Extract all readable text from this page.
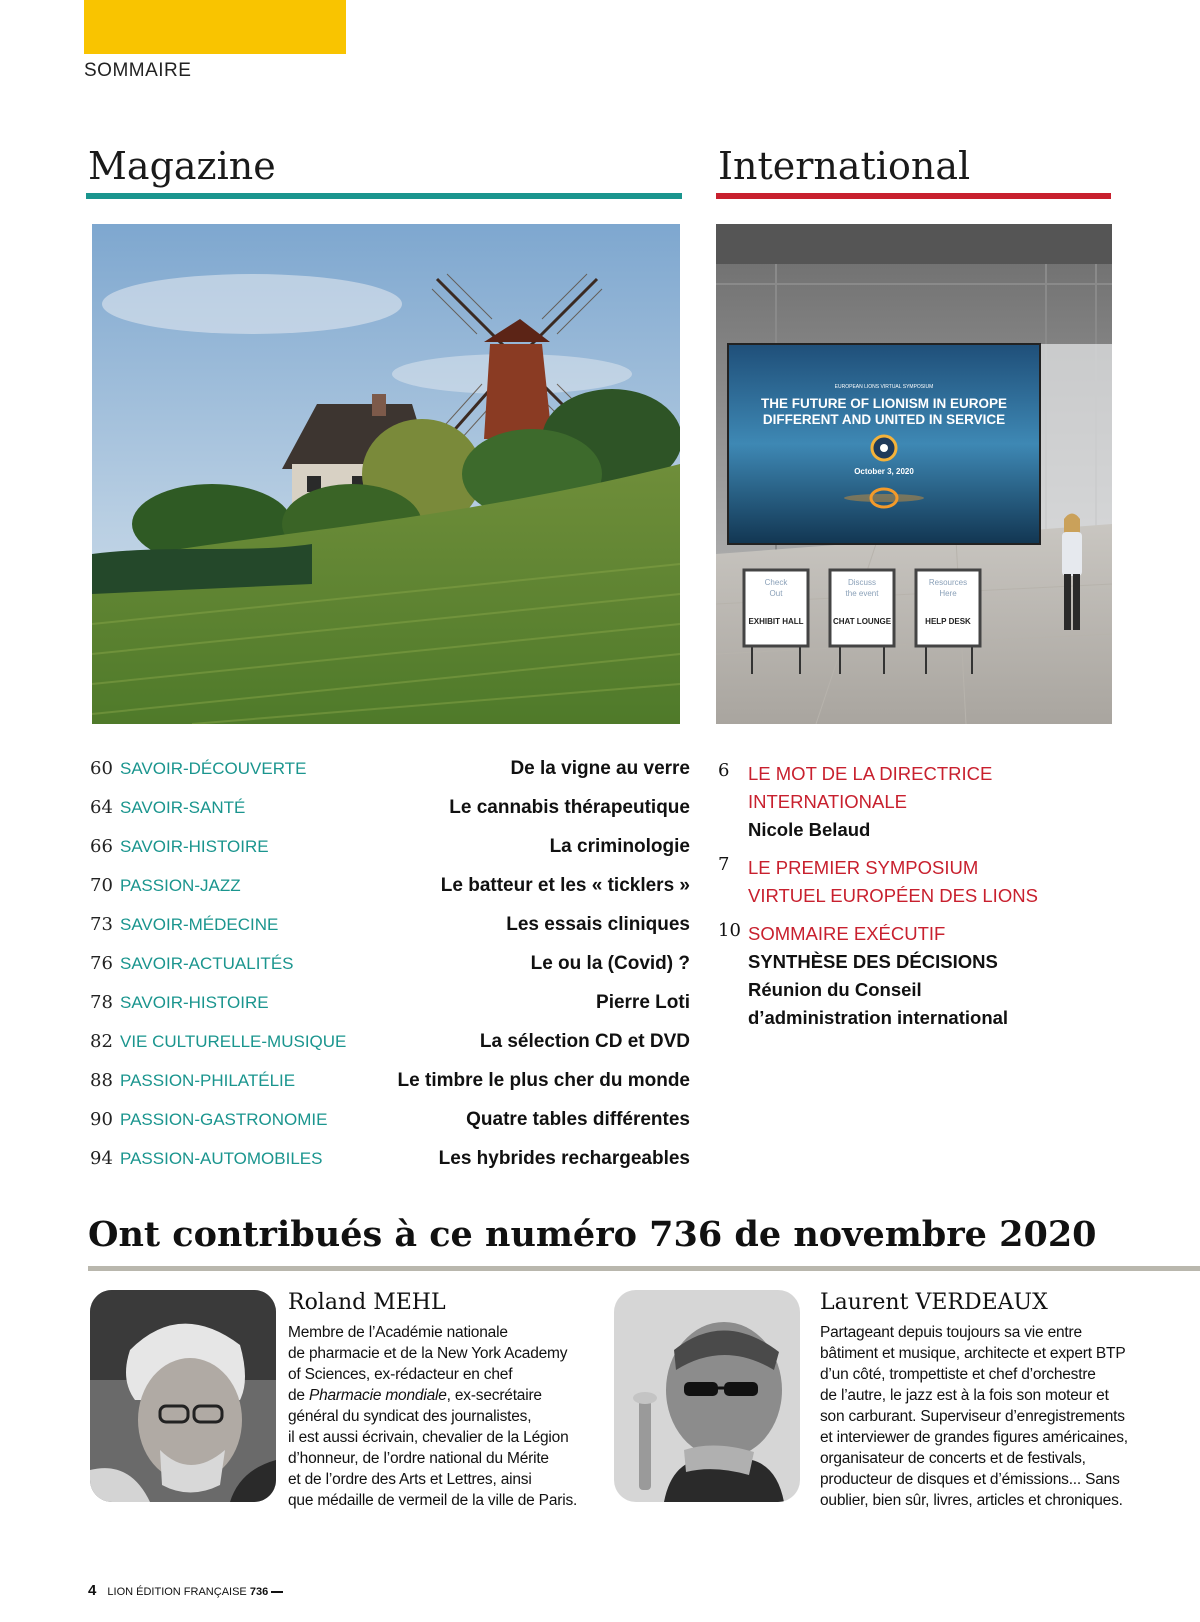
SOMMAIRE
Magazine
60 SAVOIR-DÉCOUVERTE	De la vigne au verre
64 SAVOIR-SANTÉ	Le cannabis thérapeutique
66 SAVOIR-HISTOIRE	La criminologie
70 PASSION-JAZZ	Le batteur et les « ticklers »
73 SAVOIR-MÉDECINE	Les essais cliniques
76 SAVOIR-ACTUALITÉS	Le ou la (Covid) ?
78 SAVOIR-HISTOIRE	Pierre Loti
82 VIE CULTURELLE-MUSIQUE	La sélection CD et DVD
88 PASSION-PHILATÉLIE	Le timbre le plus cher du monde
90 PASSION-GASTRONOMIE	Quatre tables différentes
94 PASSION-AUTOMOBILES	Les hybrides rechargeables
International
EUROPEAN LIONS VIRTUAL SYMPOSIUM
THE FUTURE OF LIONISM IN EUROPE
DIFFERENT AND UNITED IN SERVICE
October 3, 2020
Check
Out
EXHIBIT HALL
Discuss
the event
CHAT LOUNGE
Resources
Here
HELP DESK
6 LE MOT DE LA DIRECTRICE
INTERNATIONALE
Nicole Belaud
7 LE PREMIER SYMPOSIUM
VIRTUEL EUROPÉEN DES LIONS
10 SOMMAIRE EXÉCUTIF
SYNTHÈSE DES DÉCISIONS
Réunion du Conseil
d’administration international
Ont contribués à ce numéro 736 de novembre 2020
Roland MEHL
Membre de l’Académie nationale
de pharmacie et de la New York Academy
of Sciences, ex-rédacteur en chef
de Pharmacie mondiale, ex-secrétaire
général du syndicat des journalistes,
il est aussi écrivain, chevalier de la Légion
d’honneur, de l’ordre national du Mérite
et de l’ordre des Arts et Lettres, ainsi
que médaille de vermeil de la ville de Paris.
Laurent VERDEAUX
Partageant depuis toujours sa vie entre
bâtiment et musique, architecte et expert BTP
d’un côté, trompettiste et chef d’orchestre
de l’autre, le jazz est à la fois son moteur et
son carburant. Superviseur d’enregistrements
et interviewer de grandes figures américaines,
organisateur de concerts et de festivals,
producteur de disques et d’émissions... Sans
oublier, bien sûr, livres, articles et chroniques.
4 LION ÉDITION FRANÇAISE 736
